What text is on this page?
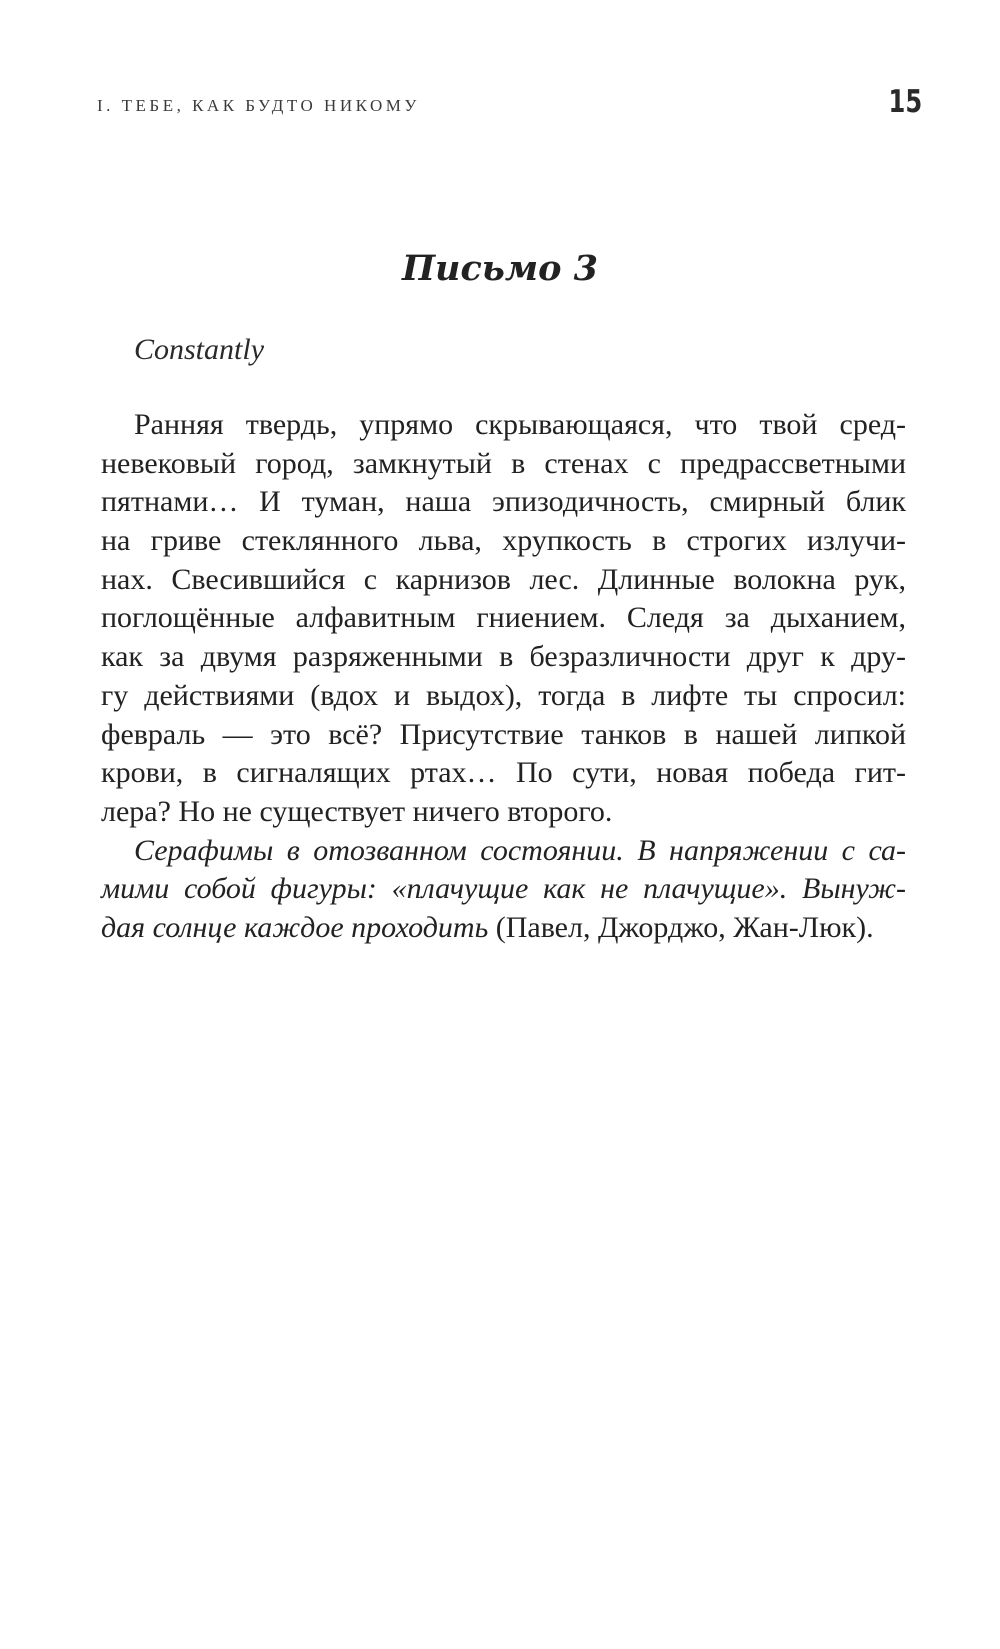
I. ТЕБЕ, КАК БУДТО НИКОМУ	15
Письмо 3
Constantly
Ранняя твердь, упрямо скрывающаяся, что твой сред-
невековый город, замкнутый в стенах с предрассветными
пятнами… И туман, наша эпизодичность, смирный блик
на гриве стеклянного льва, хрупкость в строгих излучи-
нах. Свесившийся с карнизов лес. Длинные волокна рук,
поглощённые алфавитным гниением. Следя за дыханием,
как за двумя разряженными в безразличности друг к дру-
гу действиями (вдох и выдох), тогда в лифте ты спросил:
февраль — это всё? Присутствие танков в нашей липкой
крови, в сигналящих ртах… По сути, новая победа гит-
лера? Но не существует ничего второго.
Серафимы в отозванном состоянии. В напряжении с са-
мими собой фигуры: «плачущие как не плачущие». Вынуж-
дая солнце каждое проходить (Павел, Джорджо, Жан-Люк).
